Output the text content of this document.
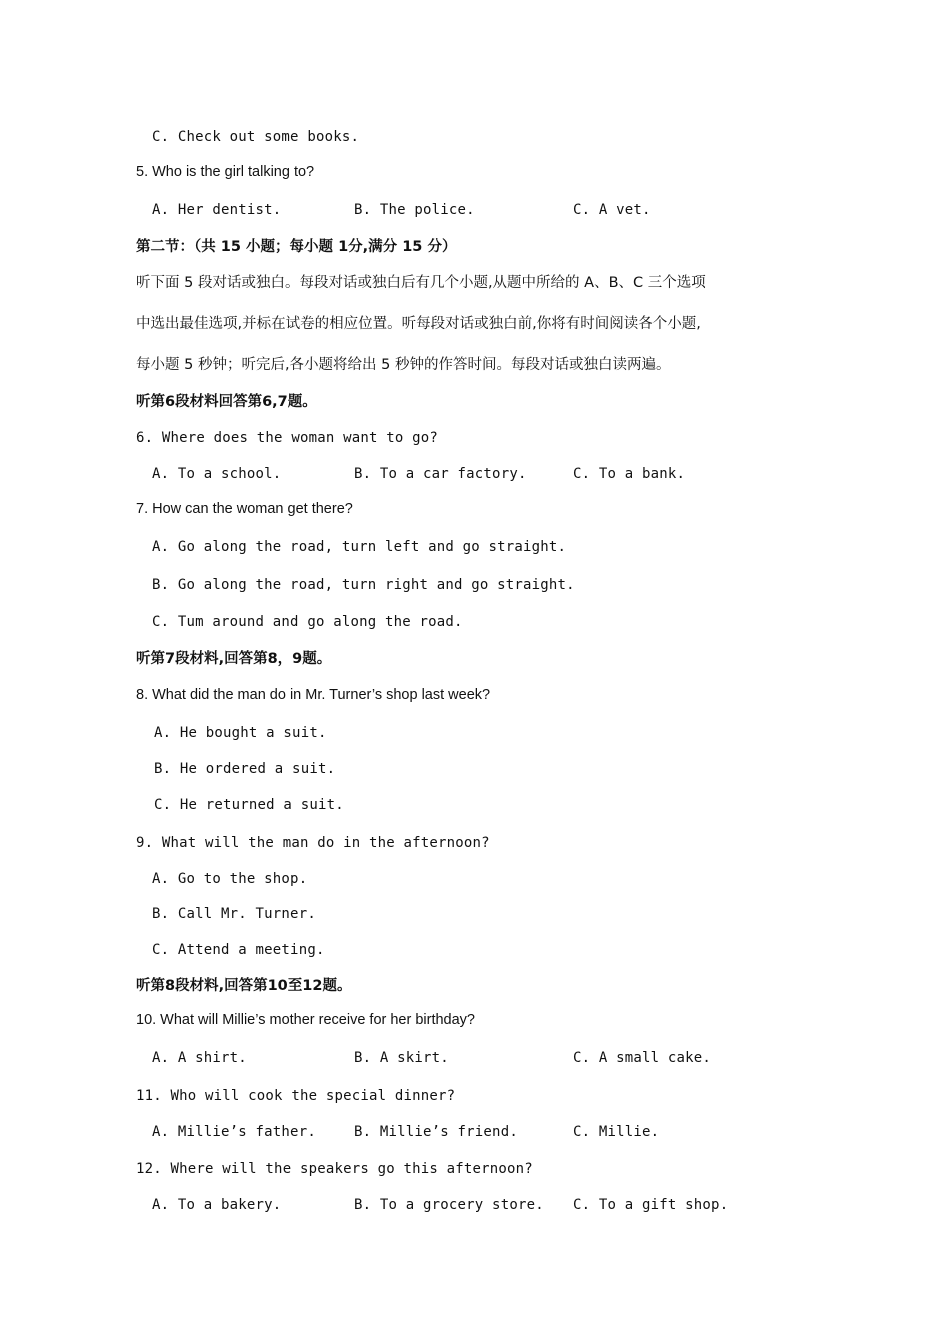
C. Check out some books.
5. Who is the girl talking to?
A. Her dentist.	B. The police.	C. A vet.
第二节：（共 15 小题；每小题 1分,满分 15 分）
听下面 5 段对话或独白。每段对话或独白后有几个小题,从题中所给的 A、B、C 三个选项
中选出最佳选项,并标在试卷的相应位置。听每段对话或独白前,你将有时间阅读各个小题,
每小题 5 秒钟；听完后,各小题将给出 5 秒钟的作答时间。每段对话或独白读两遍。
听第6段材料回答第6,7题。
6. Where does the woman want to go?
A. To a school.	B. To a car factory.	C. To a bank.
7. How can the woman get there?
A. Go along the road, turn left and go straight.
B. Go along the road, turn right and go straight.
C. Tum around and go along the road.
听第7段材料,回答第8，9题。
8. What did the man do in Mr. Turner’s shop last week?
A. He bought a suit.
B. He ordered a suit.
C. He returned a suit.
9. What will the man do in the afternoon?
A. Go to the shop.
B. Call Mr. Turner.
C. Attend a meeting.
听第8段材料,回答第10至12题。
10. What will Millie’s mother receive for her birthday?
A. A shirt.	B. A skirt.	C. A small cake.
11. Who will cook the special dinner?
A. Millie’s father.	B. Millie’s friend.	C. Millie.
12. Where will the speakers go this afternoon?
A. To a bakery.	B. To a grocery store. C. To a gift shop.
